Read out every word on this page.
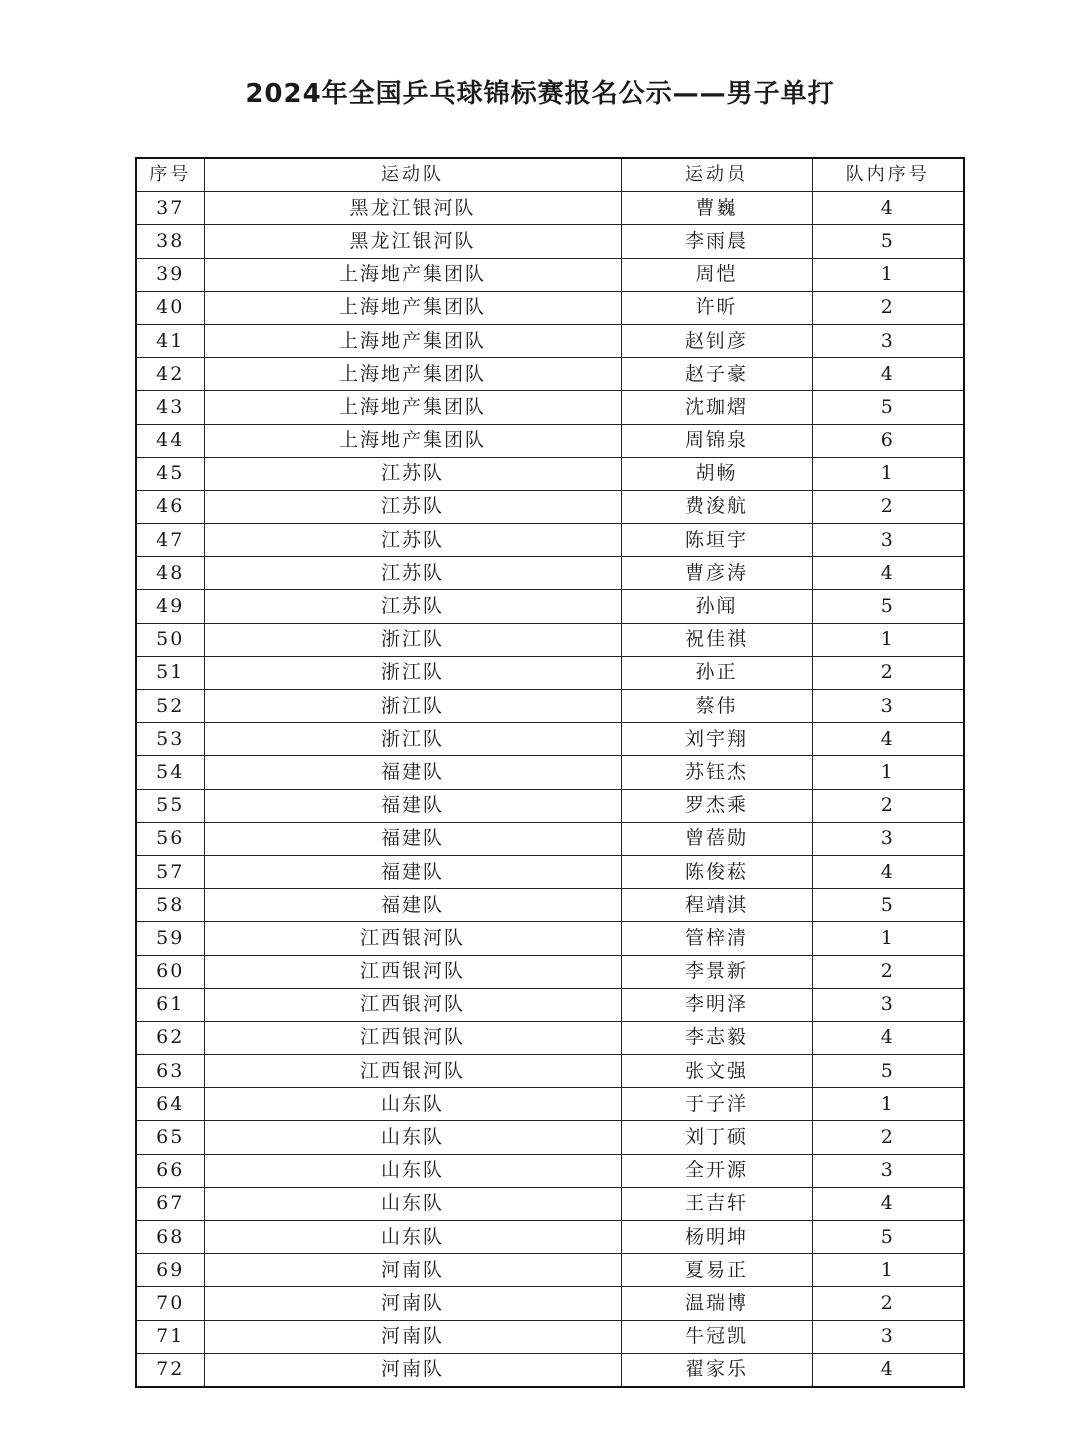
2024年全国乒乓球锦标赛报名公示——男子单打
序号	运动队	运动员	队内序号
37	黑龙江银河队	曹巍	4
38	黑龙江银河队	李雨晨	5
39	上海地产集团队	周恺	1
40	上海地产集团队	许昕	2
41	上海地产集团队	赵钊彦	3
42	上海地产集团队	赵子豪	4
43	上海地产集团队	沈珈熠	5
44	上海地产集团队	周锦泉	6
45	江苏队	胡畅	1
46	江苏队	费浚航	2
47	江苏队	陈垣宇	3
48	江苏队	曹彦涛	4
49	江苏队	孙闻	5
50	浙江队	祝佳祺	1
51	浙江队	孙正	2
52	浙江队	蔡伟	3
53	浙江队	刘宇翔	4
54	福建队	苏钰杰	1
55	福建队	罗杰乘	2
56	福建队	曾蓓勋	3
57	福建队	陈俊菘	4
58	福建队	程靖淇	5
59	江西银河队	管梓清	1
60	江西银河队	李景新	2
61	江西银河队	李明泽	3
62	江西银河队	李志毅	4
63	江西银河队	张文强	5
64	山东队	于子洋	1
65	山东队	刘丁硕	2
66	山东队	全开源	3
67	山东队	王吉轩	4
68	山东队	杨明坤	5
69	河南队	夏易正	1
70	河南队	温瑞博	2
71	河南队	牛冠凯	3
72	河南队	翟家乐	4
